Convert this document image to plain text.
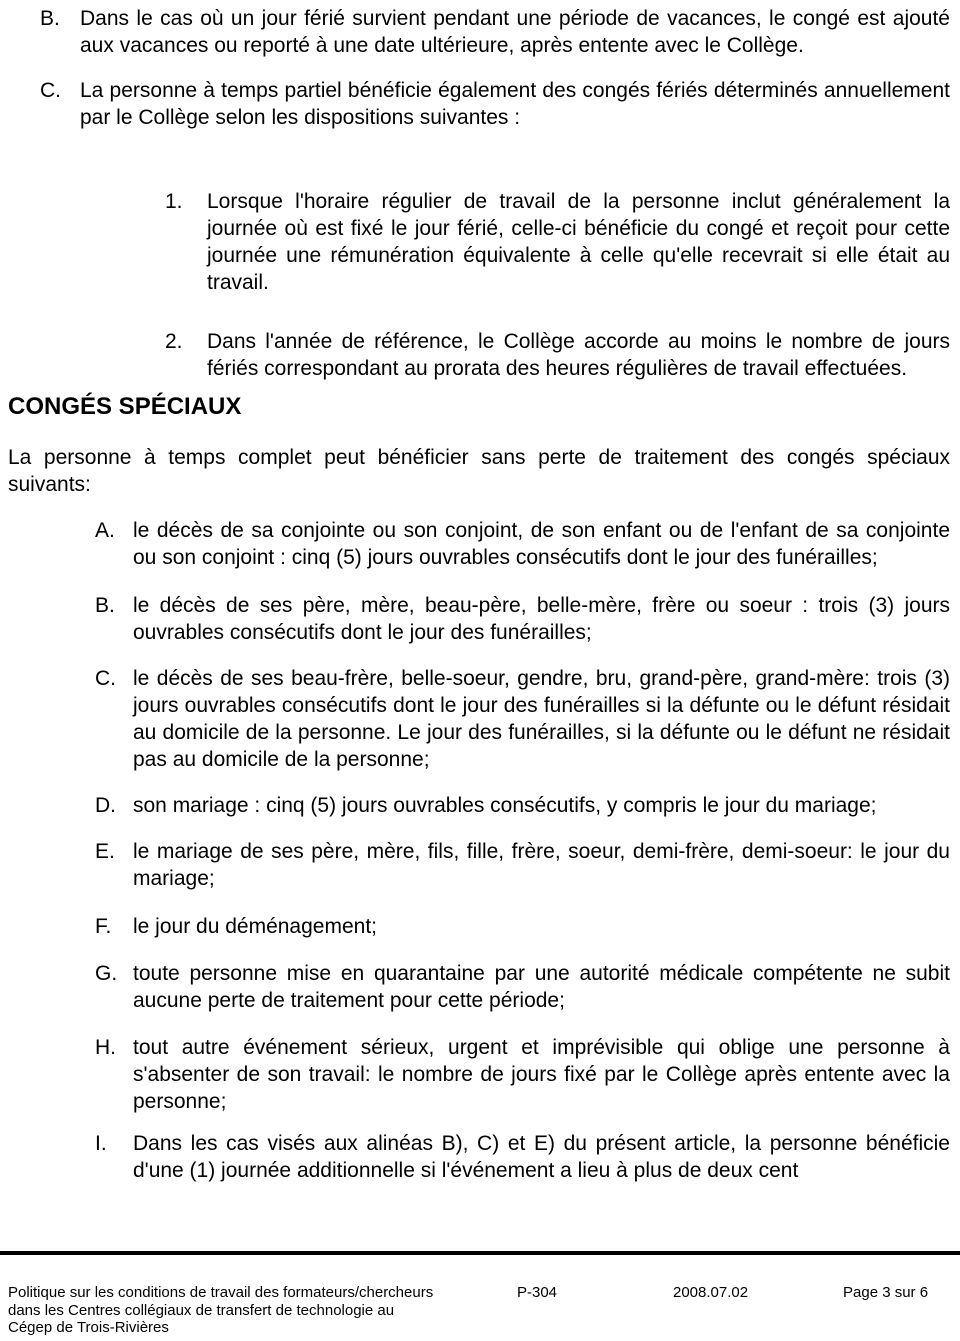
B. Dans le cas où un jour férié survient pendant une période de vacances, le congé est ajouté aux vacances ou reporté à une date ultérieure, après entente avec le Collège.
C. La personne à temps partiel bénéficie également des congés fériés déterminés annuellement par le Collège selon les dispositions suivantes :
1.	Lorsque l'horaire régulier de travail de la personne inclut généralement la journée où est fixé le jour férié, celle-ci bénéficie du congé et reçoit pour cette journée une rémunération équivalente à celle qu'elle recevrait si elle était au travail.
2.	Dans l'année de référence, le Collège accorde au moins le nombre de jours fériés correspondant au prorata des heures régulières de travail effectuées.
CONGÉS SPÉCIAUX
La personne à temps complet peut bénéficier sans perte de traitement des congés spéciaux suivants:
A. le décès de sa conjointe ou son conjoint, de son enfant ou de l'enfant de sa conjointe ou son conjoint : cinq (5) jours ouvrables consécutifs dont le jour des funérailles;
B. le décès de ses père, mère, beau-père, belle-mère, frère ou soeur : trois (3) jours ouvrables consécutifs dont le jour des funérailles;
C. le décès de ses beau-frère, belle-soeur, gendre, bru, grand-père, grand-mère: trois (3) jours ouvrables consécutifs dont le jour des funérailles si la défunte ou le défunt résidait au domicile de la personne. Le jour des funérailles, si la défunte ou le défunt ne résidait pas au domicile de la personne;
D. son mariage : cinq (5) jours ouvrables consécutifs, y compris le jour du mariage;
E. le mariage de ses père, mère, fils, fille, frère, soeur, demi-frère, demi-soeur: le jour du mariage;
F.	le jour du déménagement;
G. toute personne mise en quarantaine par une autorité médicale compétente ne subit aucune perte de traitement pour cette période;
H. tout autre événement sérieux, urgent et imprévisible qui oblige une personne à s'absenter de son travail: le nombre de jours fixé par le Collège après entente avec la personne;
I.	Dans les cas visés aux alinéas B), C) et E) du présent article, la personne bénéficie d'une (1) journée additionnelle si l'événement a lieu à plus de deux cent
Politique sur les conditions de travail des formateurs/chercheurs
dans les Centres collégiaux de transfert de technologie au
Cégep de Trois-Rivières
P-304	2008.07.02	Page 3 sur 6
